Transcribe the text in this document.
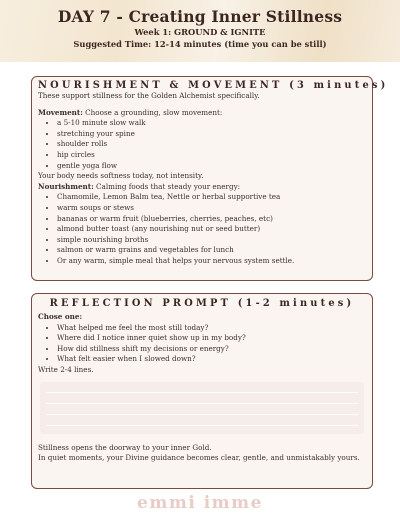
DAY 7 - Creating Inner Stillness
Week 1: GROUND & IGNITE
Suggested Time: 12-14 minutes (time you can be still)
NOURISHMENT & MOVEMENT (3 minutes)
These support stillness for the Golden Alchemist specifically.
Movement: Choose a grounding, slow movement:
• a 5-10 minute slow walk
• stretching your spine
• shoulder rolls
• hip circles
• gentle yoga flow
Your body needs softness today, not intensity.
Nourishment: Calming foods that steady your energy:
• Chamomile, Lemon Balm tea, Nettle or herbal supportive tea
• warm soups or stews
• bananas or warm fruit (blueberries, cherries, peaches, etc)
• almond butter toast (any nourishing nut or seed butter)
• simple nourishing broths
• salmon or warm grains and vegetables for lunch
• Or any warm, simple meal that helps your nervous system settle.
REFLECTION PROMPT (1-2 minutes)
Chose one:
• What helped me feel the most still today?
• Where did I notice inner quiet show up in my body?
• How did stillness shift my decisions or energy?
• What felt easier when I slowed down?
Write 2-4 lines.
Stillness opens the doorway to your inner Gold.
In quiet moments, your Divine guidance becomes clear, gentle, and unmistakably yours.
emmi imme
